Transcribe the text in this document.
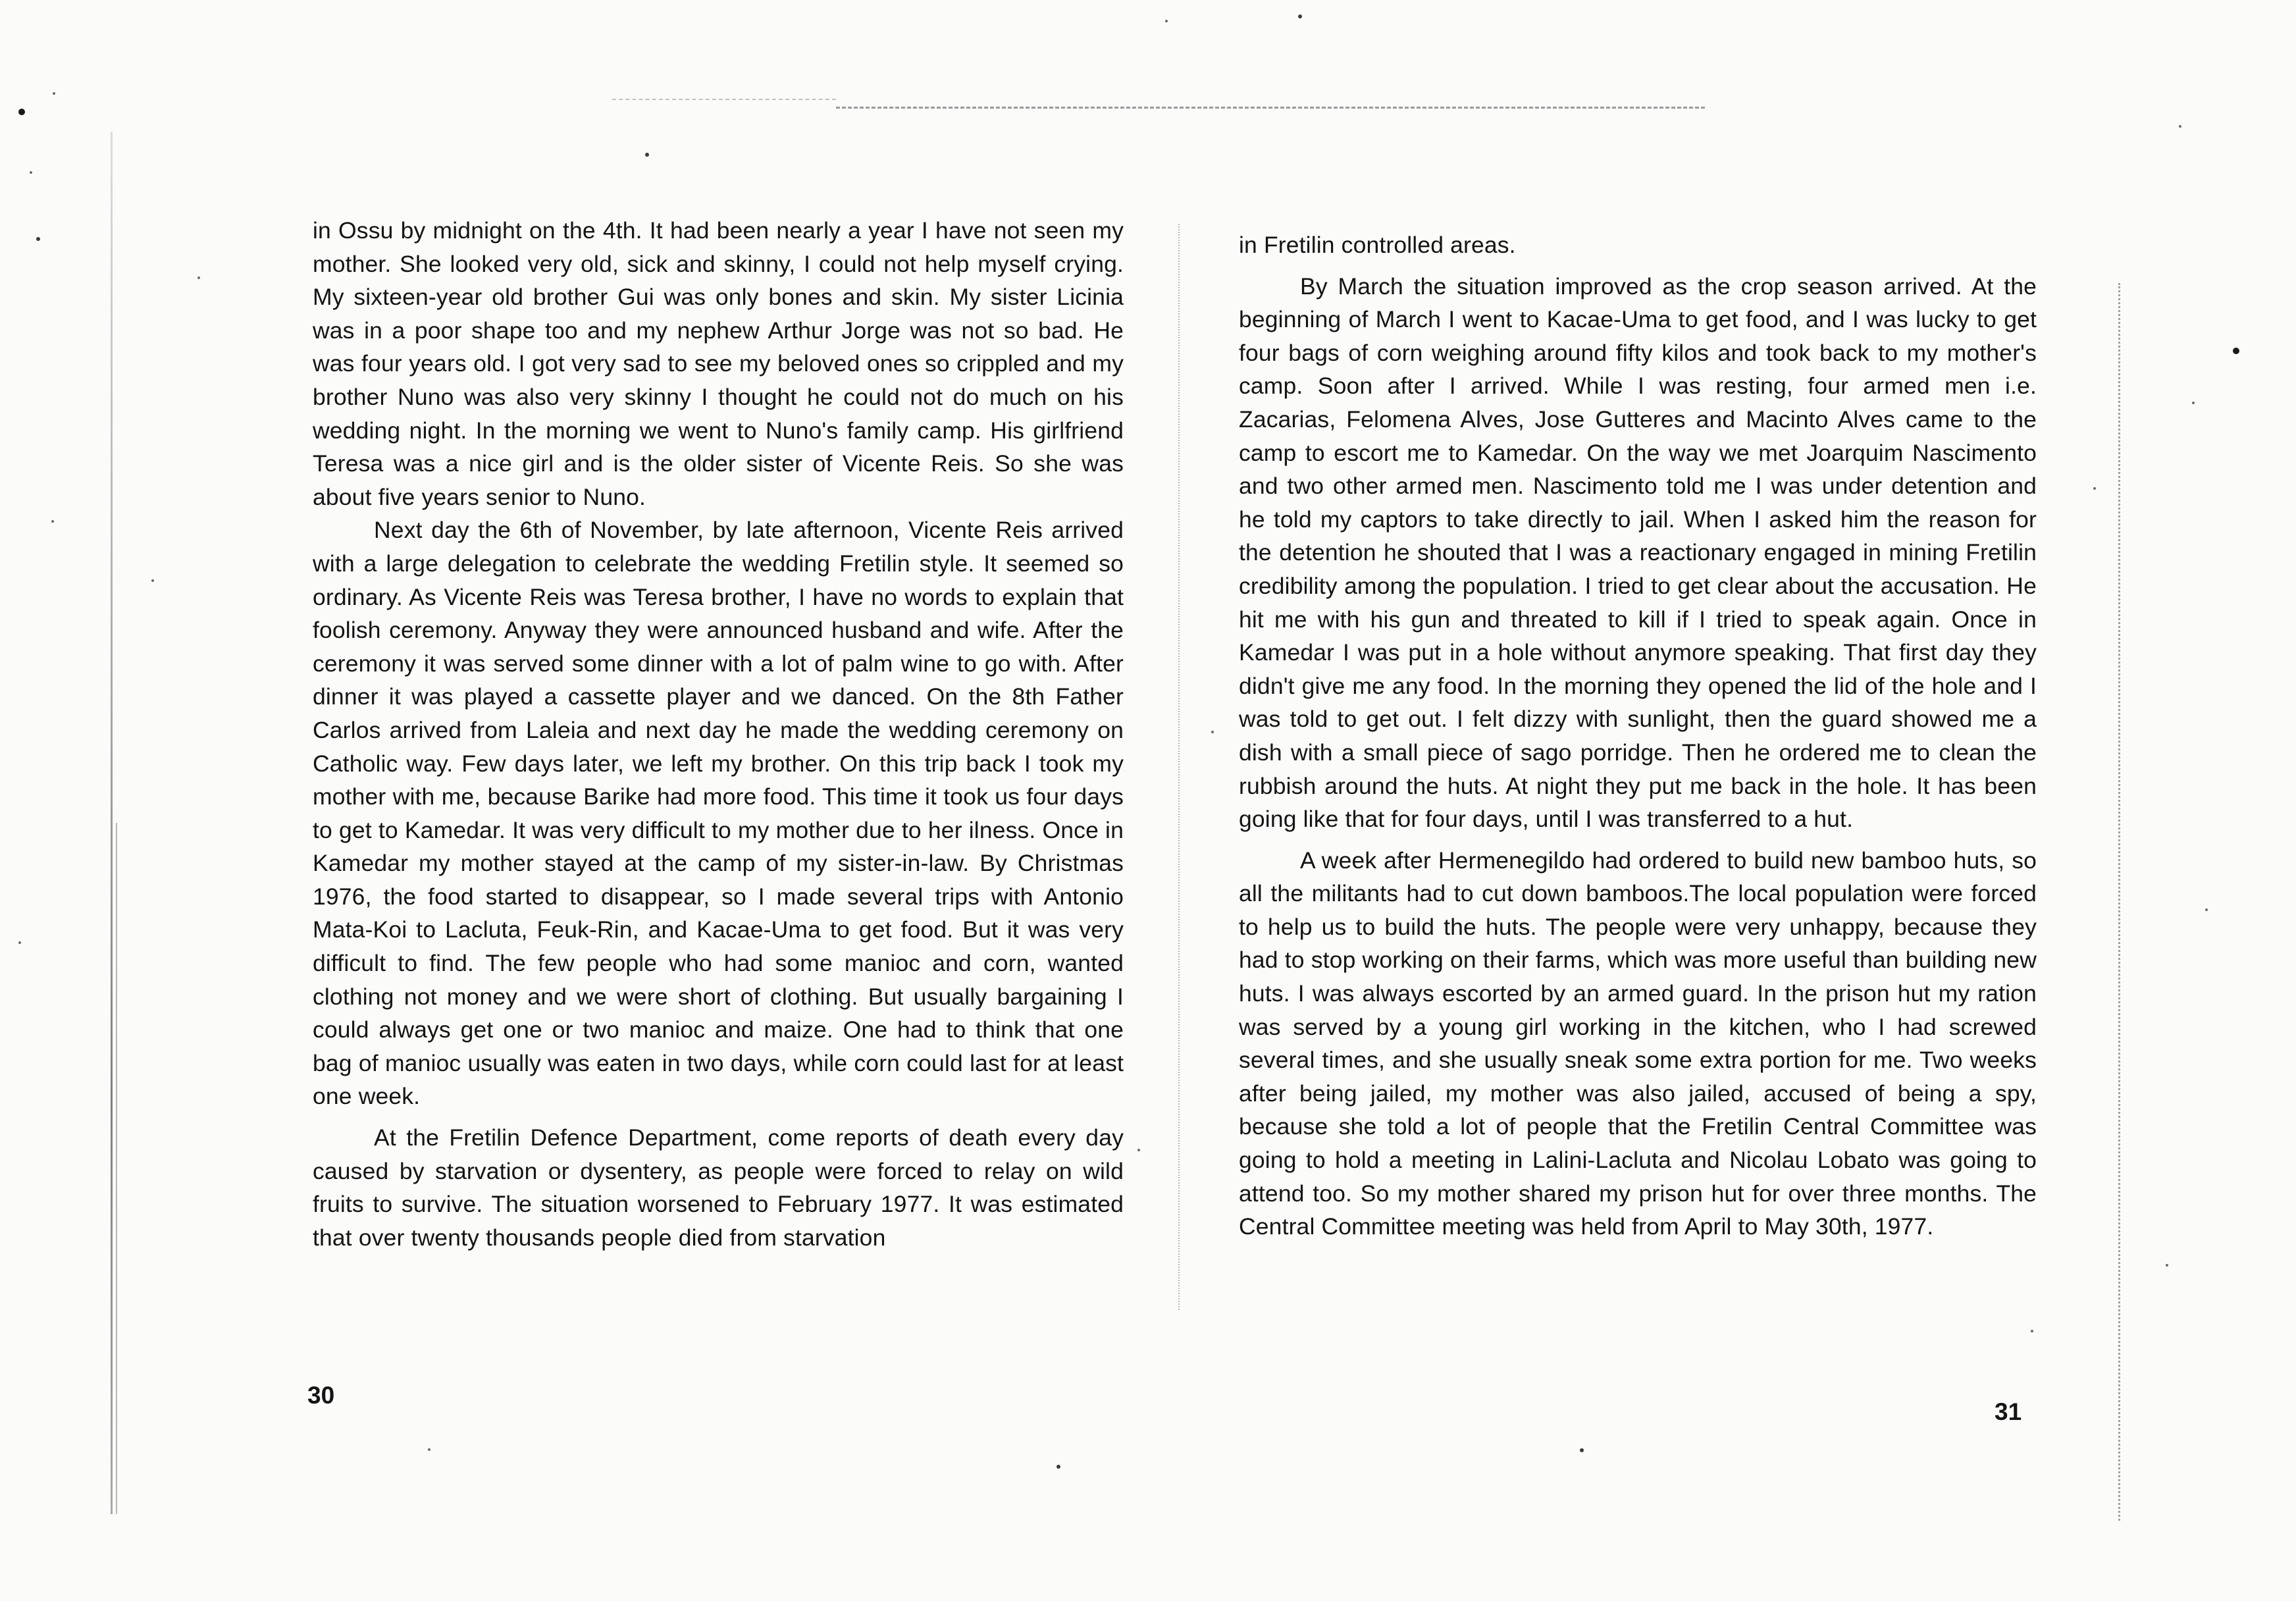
in Ossu by midnight on the 4th. It had been nearly a year I have not seen my mother. She looked very old, sick and skinny, I could not help myself crying. My sixteen-year old brother Gui was only bones and skin. My sister Licinia was in a poor shape too and my nephew Arthur Jorge was not so bad. He was four years old. I got very sad to see my beloved ones so crippled and my brother Nuno was also very skinny I thought he could not do much on his wedding night. In the morning we went to Nuno's family camp. His girlfriend Teresa was a nice girl and is the older sister of Vicente Reis. So she was about five years senior to Nuno.

Next day the 6th of November, by late afternoon, Vicente Reis arrived with a large delegation to celebrate the wedding Fretilin style. It seemed so ordinary. As Vicente Reis was Teresa brother, I have no words to explain that foolish ceremony. Anyway they were announced husband and wife. After the ceremony it was served some dinner with a lot of palm wine to go with. After dinner it was played a cassette player and we danced. On the 8th Father Carlos arrived from Laleia and next day he made the wedding ceremony on Catholic way. Few days later, we left my brother. On this trip back I took my mother with me, because Barike had more food. This time it took us four days to get to Kamedar. It was very difficult to my mother due to her ilness. Once in Kamedar my mother stayed at the camp of my sister-in-law. By Christmas 1976, the food started to disappear, so I made several trips with Antonio Mata-Koi to Lacluta, Feuk-Rin, and Kacae-Uma to get food. But it was very difficult to find. The few people who had some manioc and corn, wanted clothing not money and we were short of clothing. But usually bargaining I could always get one or two manioc and maize. One had to think that one bag of manioc usually was eaten in two days, while corn could last for at least one week.

At the Fretilin Defence Department, come reports of death every day caused by starvation or dysentery, as people were forced to relay on wild fruits to survive. The situation worsened to February 1977. It was estimated that over twenty thousands people died from starvation

30

in Fretilin controlled areas.

By March the situation improved as the crop season arrived. At the beginning of March I went to Kacae-Uma to get food, and I was lucky to get four bags of corn weighing around fifty kilos and took back to my mother's camp. Soon after I arrived. While I was resting, four armed men i.e. Zacarias, Felomena Alves, Jose Gutteres and Macinto Alves came to the camp to escort me to Kamedar. On the way we met Joarquim Nascimento and two other armed men. Nascimento told me I was under detention and he told my captors to take directly to jail. When I asked him the reason for the detention he shouted that I was a reactionary engaged in mining Fretilin credibility among the population. I tried to get clear about the accusation. He hit me with his gun and threated to kill if I tried to speak again. Once in Kamedar I was put in a hole without anymore speaking. That first day they didn't give me any food. In the morning they opened the lid of the hole and I was told to get out. I felt dizzy with sunlight, then the guard showed me a dish with a small piece of sago porridge. Then he ordered me to clean the rubbish around the huts. At night they put me back in the hole. It has been going like that for four days, until I was transferred to a hut.

A week after Hermenegildo had ordered to build new bamboo huts, so all the militants had to cut down bamboos.The local population were forced to help us to build the huts. The people were very unhappy, because they had to stop working on their farms, which was more useful than building new huts. I was always escorted by an armed guard. In the prison hut my ration was served by a young girl working in the kitchen, who I had screwed several times, and she usually sneak some extra portion for me. Two weeks after being jailed, my mother was also jailed, accused of being a spy, because she told a lot of people that the Fretilin Central Committee was going to hold a meeting in Lalini-Lacluta and Nicolau Lobato was going to attend too. So my mother shared my prison hut for over three months. The Central Committee meeting was held from April to May 30th, 1977.

31
